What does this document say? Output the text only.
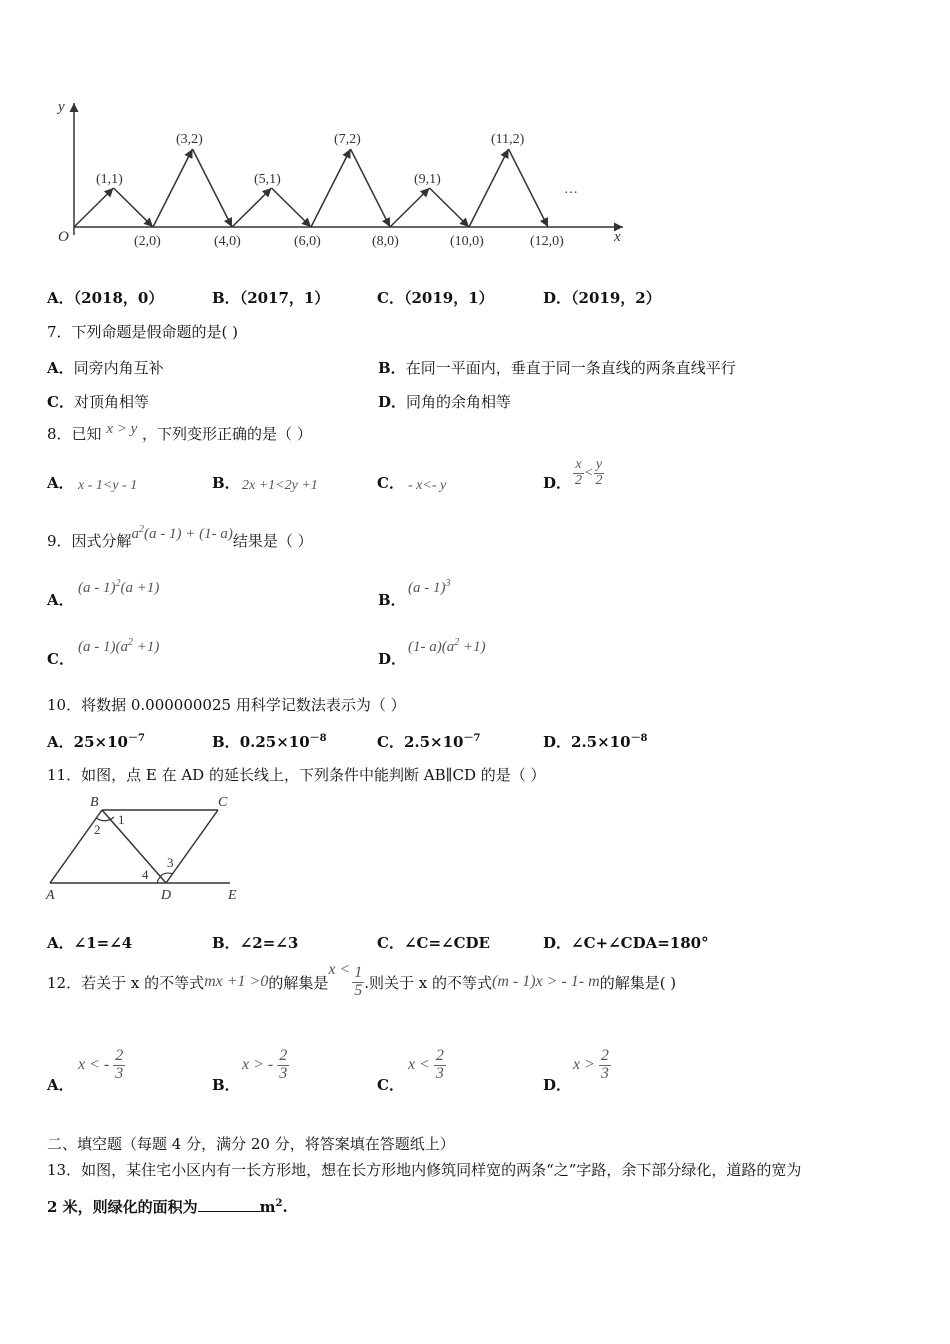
y
x
O
(1,1)
(3,2)
(5,1)
(7,2)
(9,1)
(11,2)
(2,0)	(4,0)	(6,0)	(8,0)	(10,0)	(12,0)
…
A．（2018，0）	B．（2017，1）	C．（2019，1）	D．（2019，2）
7．下列命题是假命题的是( )
A．同旁内角互补	B．在同一平面内，垂直于同一条直线的两条直线平行
C．对顶角相等	D．同角的余角相等
8．已知 x > y ，下列变形正确的是（ ）
A． x - 1<y - 1	B． 2x +1<2y +1	C． - x<- y	D． $\frac{x}{2} < \frac{y}{2}$
9．因式分解$a^2(a - 1) + (1-$ a)结果是（ ）
A．
(a - 1)$^2$(a +1)
B．
(a - 1)$^3$
C．
$(a - 1)(a^2 +1)$
D．
(1- $a)(a^2 +1)$
10．将数据 0.000000025 用科学记数法表示为（ ）
A．$25\times 10^{-7}$	B．$0.25\times 10^{-8}$	C．$2.5\times 10^{-7}$	D．$2.5\times 10^{-8}$
11．如图，点 E 在 AD 的延长线上，下列条件中能判断 AB∥CD 的是（ ）
B	C
A	D	E
1
2
3
4
A．∠1=∠4	B．∠2=∠3	C．∠C=∠CDE	D．∠C+∠CDA=180°
12．若关于 x 的不等式 mx +1 >0 的解集是
$x < \frac{1}{5}$ .则关于 x 的不等式 (m - 1)x > - 1- m 的解集是( )
A．
x < - $\frac{2}{3}$
B．
x > - $\frac{2}{3}$
C．
$x < \frac{2}{3}$
D．
$x > \frac{2}{3}$
二、填空题（每题 4 分，满分 20 分，将答案填在答题纸上）
13．如图，某住宅小区内有一长方形地，想在长方形地内修筑同样宽的两条“之”字路，余下部分绿化，道路的宽为
2 米，则绿化的面积为	$m^2$.
